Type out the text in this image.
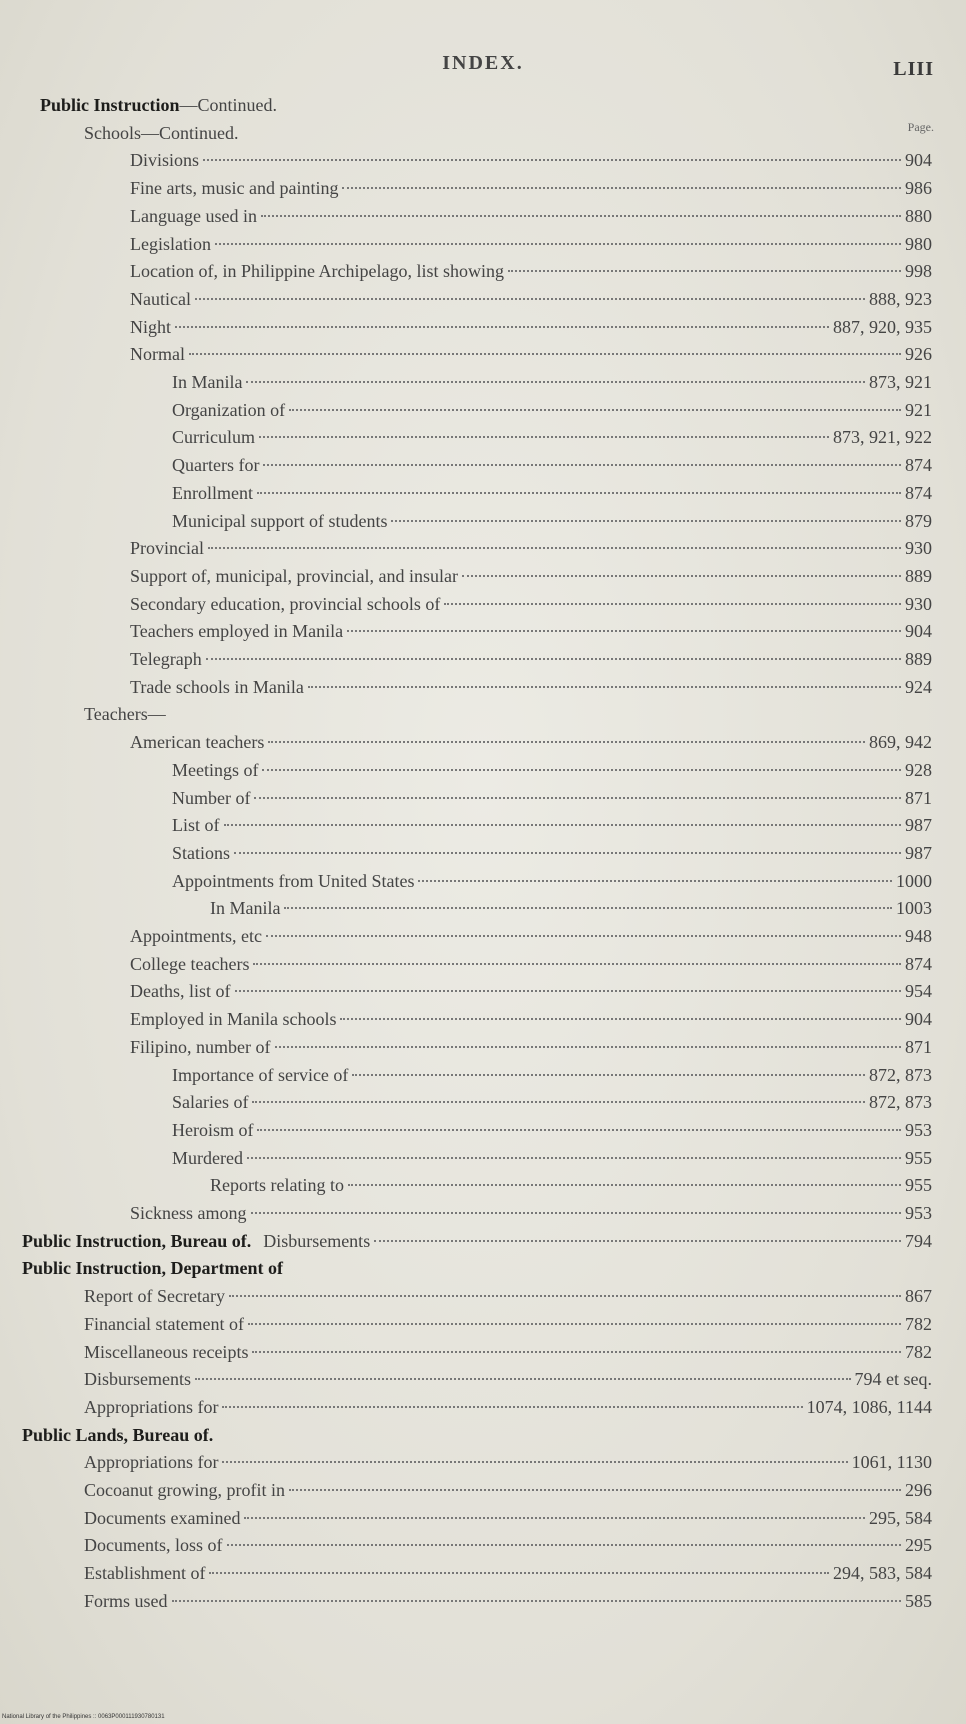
INDEX.	LIII
Page.
Public Instruction—Continued.
Schools—Continued.
Divisions	904
Fine arts, music and painting	986
Language used in	880
Legislation	980
Location of, in Philippine Archipelago, list showing	998
Nautical	888, 923
Night	887, 920, 935
Normal	926
In Manila	873, 921
Organization of	921
Curriculum	873, 921, 922
Quarters for	874
Enrollment	874
Municipal support of students	879
Provincial	930
Support of, municipal, provincial, and insular	889
Secondary education, provincial schools of	930
Teachers employed in Manila	904
Telegraph	889
Trade schools in Manila	924
Teachers—
American teachers	869, 942
Meetings of	928
Number of	871
List of	987
Stations	987
Appointments from United States	1000
In Manila	1003
Appointments, etc	948
College teachers	874
Deaths, list of	954
Employed in Manila schools	904
Filipino, number of	871
Importance of service of	872, 873
Salaries of	872, 873
Heroism of	953
Murdered	955
Reports relating to	955
Sickness among	953
Public Instruction, Bureau of. Disbursements	794
Public Instruction, Department of
Report of Secretary	867
Financial statement of	782
Miscellaneous receipts	782
Disbursements	794 et seq.
Appropriations for	1074, 1086, 1144
Public Lands, Bureau of.
Appropriations for	1061, 1130
Cocoanut growing, profit in	296
Documents examined	295, 584
Documents, loss of	295
Establishment of	294, 583, 584
Forms used	585
National Library of the Philippines :: 0063P000111930780131
